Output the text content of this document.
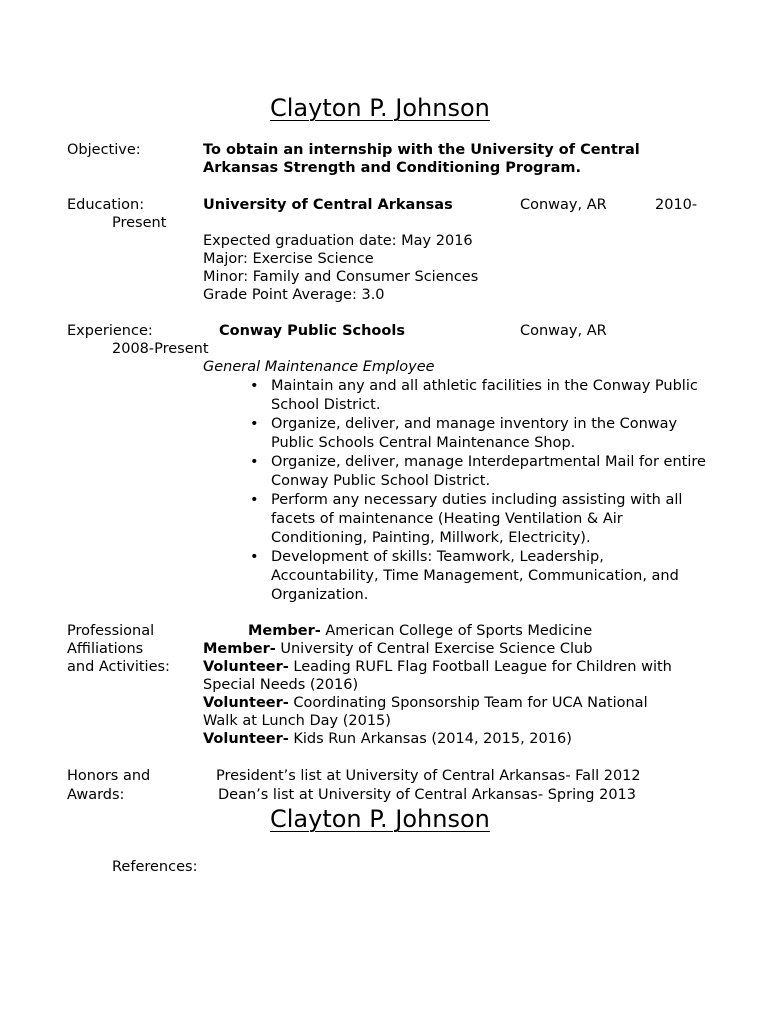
Clayton P. Johnson
Objective:	To obtain an internship with the University of Central
Arkansas Strength and Conditioning Program.
Education:	University of Central Arkansas	Conway, AR	2010-
Present
Expected graduation date: May 2016
Major: Exercise Science
Minor: Family and Consumer Sciences
Grade Point Average: 3.0
Experience:	Conway Public Schools	Conway, AR
2008-Present
General Maintenance Employee
• Maintain any and all athletic facilities in the Conway Public School District.
• Organize, deliver, and manage inventory in the Conway Public Schools Central Maintenance Shop.
• Organize, deliver, manage Interdepartmental Mail for entire Conway Public School District.
• Perform any necessary duties including assisting with all facets of maintenance (Heating Ventilation & Air Conditioning, Painting, Millwork, Electricity).
• Development of skills: Teamwork, Leadership, Accountability, Time Management, Communication, and Organization.
Professional
Affiliations
and Activities:
Member- American College of Sports Medicine
Member- University of Central Exercise Science Club
Volunteer- Leading RUFL Flag Football League for Children with
Special Needs (2016)
Volunteer- Coordinating Sponsorship Team for UCA National
Walk at Lunch Day (2015)
Volunteer- Kids Run Arkansas (2014, 2015, 2016)
Honors and
Awards:
President’s list at University of Central Arkansas- Fall 2012
Dean’s list at University of Central Arkansas- Spring 2013
Clayton P. Johnson
References:
